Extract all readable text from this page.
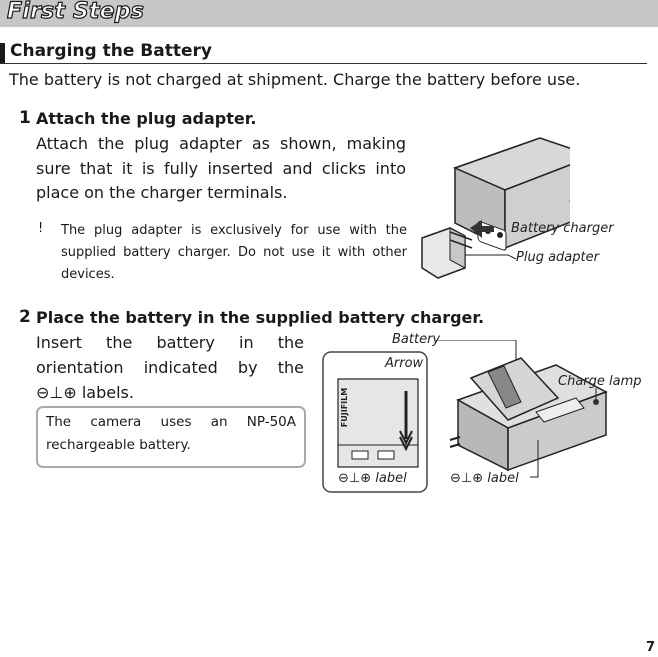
First Steps
Charging the Battery
The battery is not charged at shipment. Charge the battery before use.
1 Attach the plug adapter.
Attach the plug adapter as shown, making sure that it is fully inserted and clicks into place on the charger terminals.
! The plug adapter is exclusively for use with the supplied battery charger. Do not use it with other devices.
Battery charger
Plug adapter
2 Place the battery in the supplied battery charger.
Insert the battery in the orientation indicated by the ⊖⊥⊕ labels.
The camera uses an NP-50A rechargeable battery.
FUJIFILM
Battery
Arrow
⊖⊥⊕ label
Charge lamp
⊖⊥⊕ label
7
